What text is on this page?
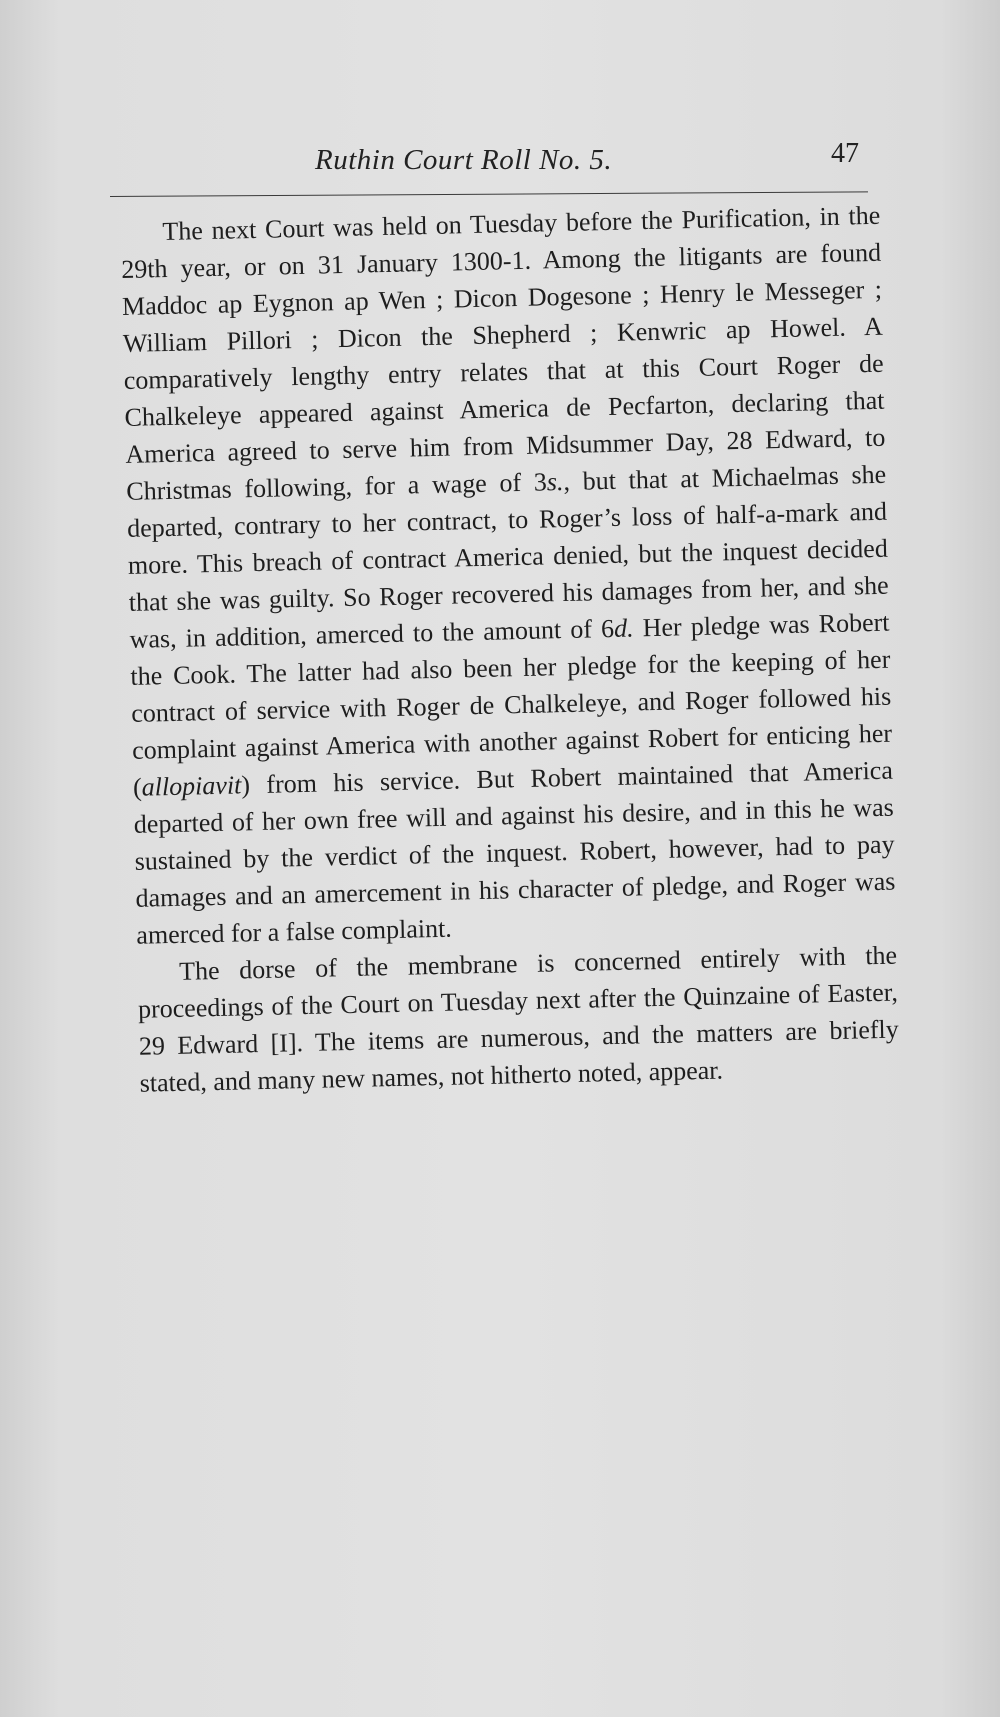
Ruthin Court Roll No. 5.	47

The next Court was held on Tuesday before the Purification, in the 29th year, or on 31 January 1300-1. Among the litigants are found Maddoc ap Eygnon ap Wen ; Dicon Dogesone ; Henry le Messeger ; William Pillori ; Dicon the Shepherd ; Kenwric ap Howel. A comparatively lengthy entry relates that at this Court Roger de Chalkeleye appeared against America de Pecfarton, declaring that America agreed to serve him from Midsummer Day, 28 Edward, to Christmas following, for a wage of 3s., but that at Michaelmas she departed, contrary to her contract, to Roger’s loss of half-a-mark and more. This breach of contract America denied, but the inquest decided that she was guilty. So Roger recovered his damages from her, and she was, in addition, amerced to the amount of 6d. Her pledge was Robert the Cook. The latter had also been her pledge for the keeping of her contract of service with Roger de Chalkeleye, and Roger followed his complaint against America with another against Robert for enticing her (allopiavit) from his service. But Robert maintained that America departed of her own free will and against his desire, and in this he was sustained by the verdict of the inquest. Robert, however, had to pay damages and an amercement in his character of pledge, and Roger was amerced for a false complaint.

The dorse of the membrane is concerned entirely with the proceedings of the Court on Tuesday next after the Quinzaine of Easter, 29 Edward [I]. The items are numerous, and the matters are briefly stated, and many new names, not hitherto noted, appear.
